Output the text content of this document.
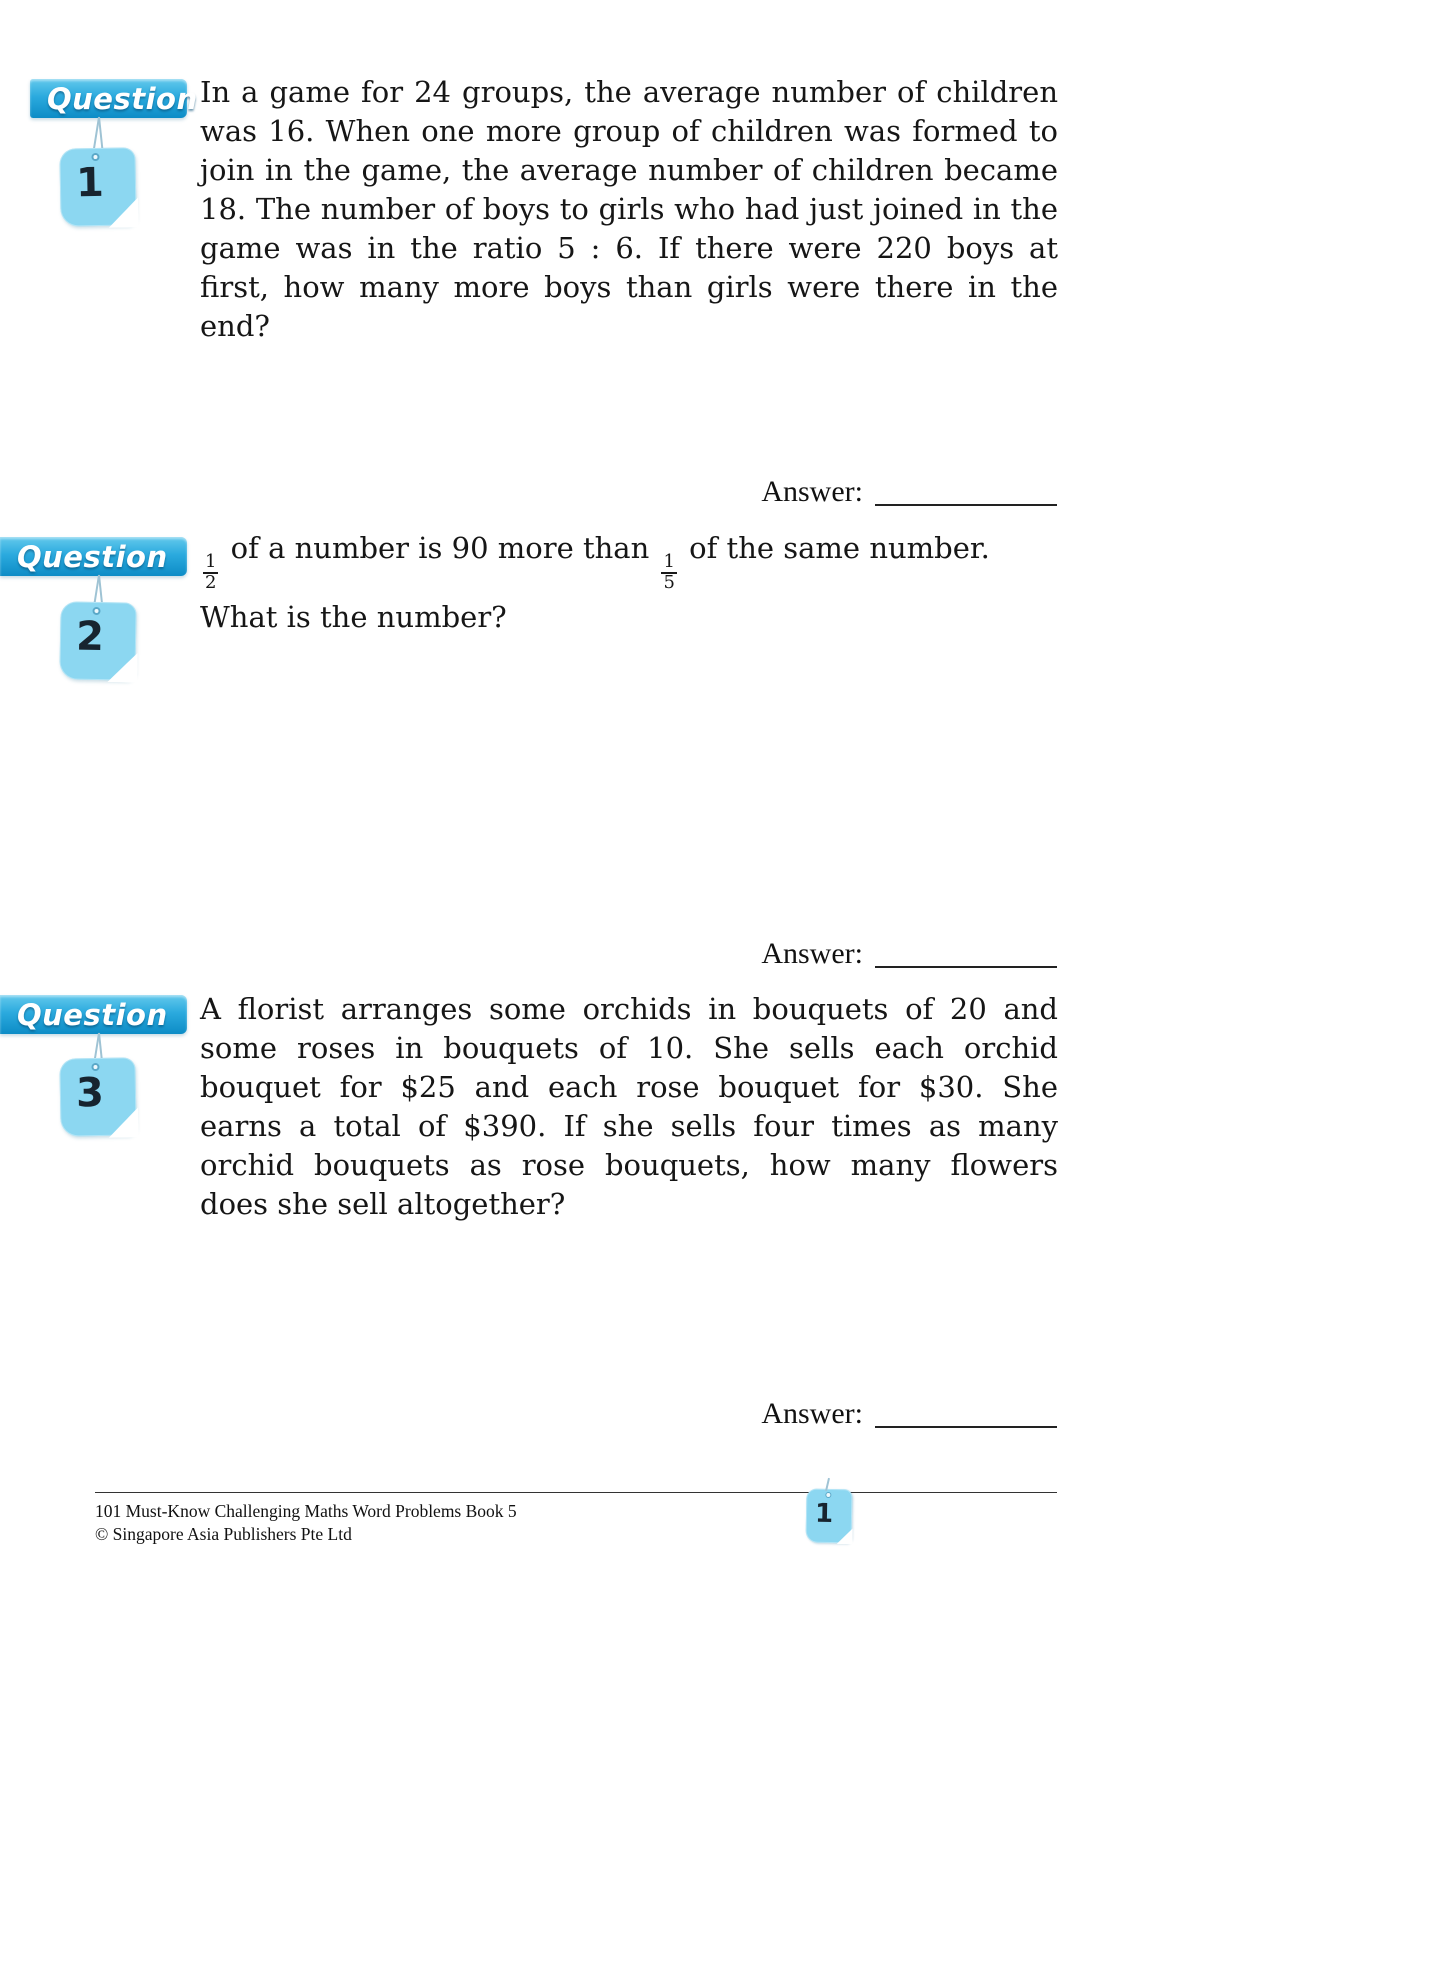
Question
1
In a game for 24 groups, the average number of children was 16. When one more group of children was formed to join in the game, the average number of children became 18. The number of boys to girls who had just joined in the game was in the ratio 5 : 6. If there were 220 boys at first, how many more boys than girls were there in the end?
Answer:
Question
2
$\frac{1}{2}$
of a number is 90 more than
$\frac{1}{5}$
of the same number. What is the number?
Answer:
Question
3
A florist arranges some orchids in bouquets of 20 and some roses in bouquets of 10. She sells each orchid bouquet for $25 and each rose bouquet for $30. She earns a total of $390. If she sells four times as many orchid bouquets as rose bouquets, how many flowers does she sell altogether?
Answer:
101 Must-Know Challenging Maths Word Problems Book 5
© Singapore Asia Publishers Pte Ltd
1
